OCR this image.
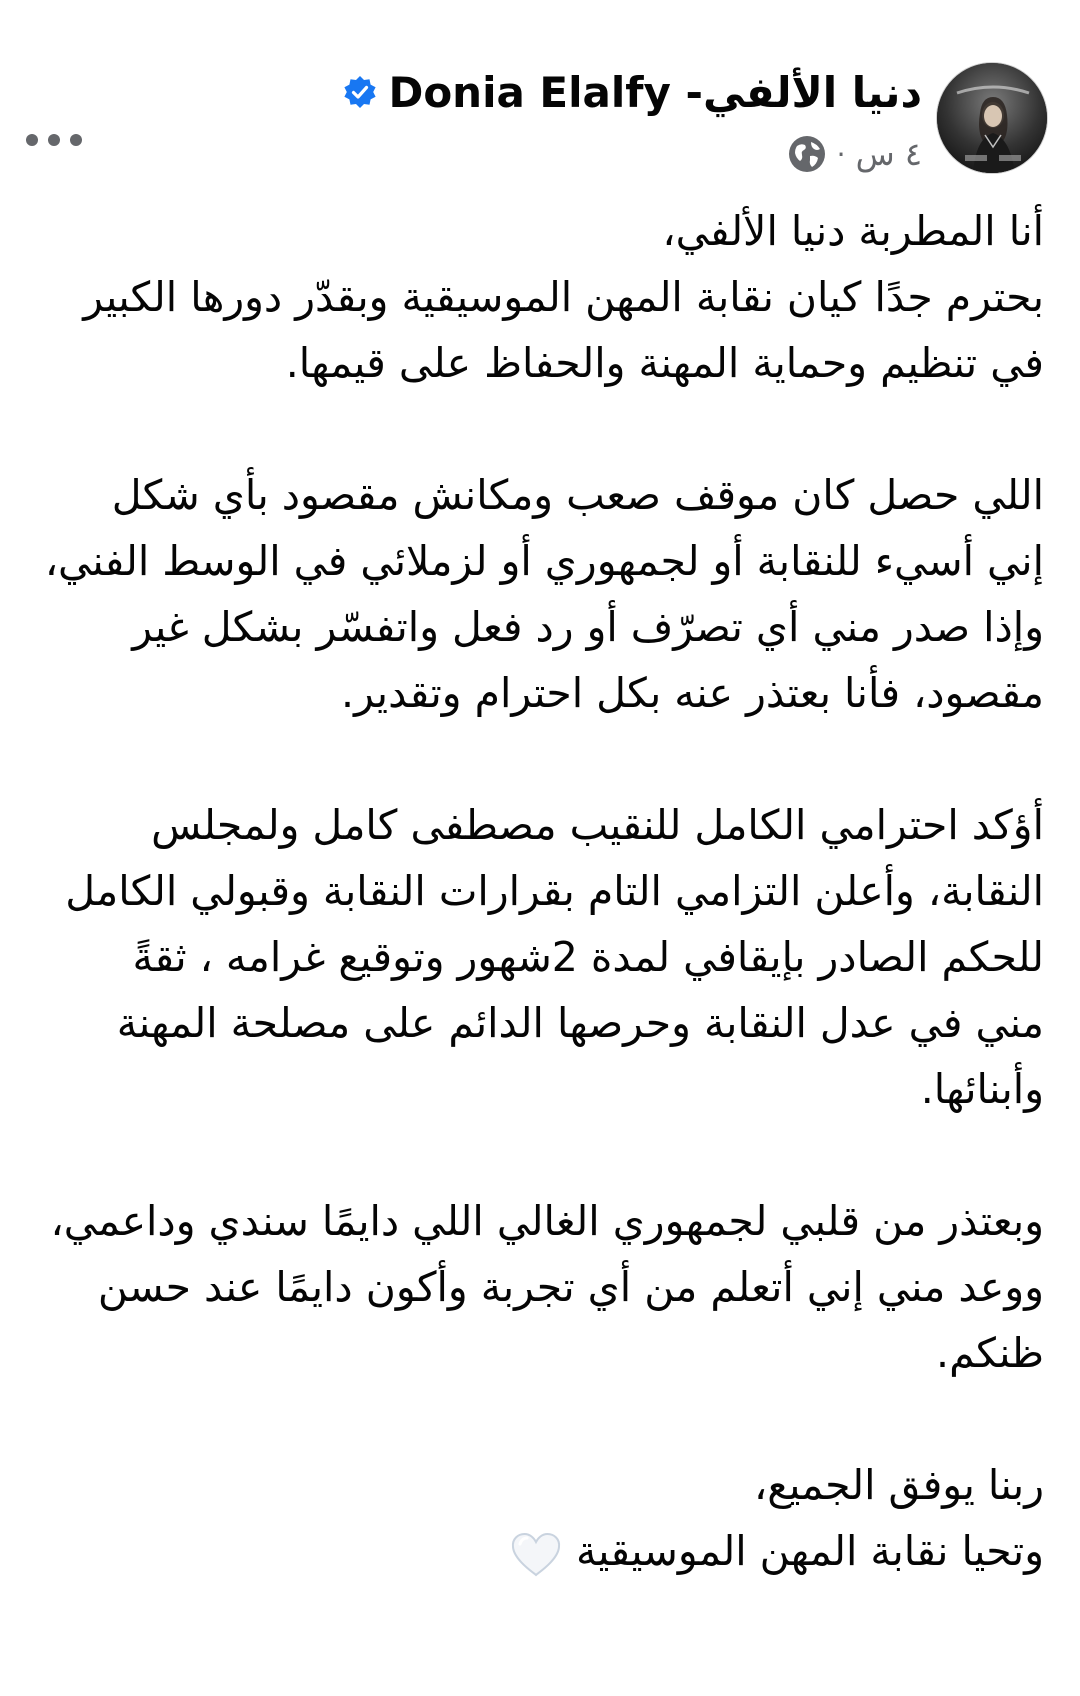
دنيا الألفي- Donia Elalfy
٤ س
·
أنا المطربة دنيا الألفي،
بحترم جدًا كيان نقابة المهن الموسيقية وبقدّر دورها الكبير
في تنظيم وحماية المهنة والحفاظ على قيمها.
اللي حصل كان موقف صعب ومكانش مقصود بأي شكل
إني أسيء للنقابة أو لجمهوري أو لزملائي في الوسط الفني،
وإذا صدر مني أي تصرّف أو رد فعل واتفسّر بشكل غير
مقصود، فأنا بعتذر عنه بكل احترام وتقدير.
أؤكد احترامي الكامل للنقيب مصطفى كامل ولمجلس
النقابة، وأعلن التزامي التام بقرارات النقابة وقبولي الكامل
للحكم الصادر بإيقافي لمدة 2شهور وتوقيع غرامه ، ثقةً
مني في عدل النقابة وحرصها الدائم على مصلحة المهنة
وأبنائها.
وبعتذر من قلبي لجمهوري الغالي اللي دايمًا سندي وداعمي،
ووعد مني إني أتعلم من أي تجربة وأكون دايمًا عند حسن
ظنكم.
ربنا يوفق الجميع،
وتحيا نقابة المهن الموسيقية
